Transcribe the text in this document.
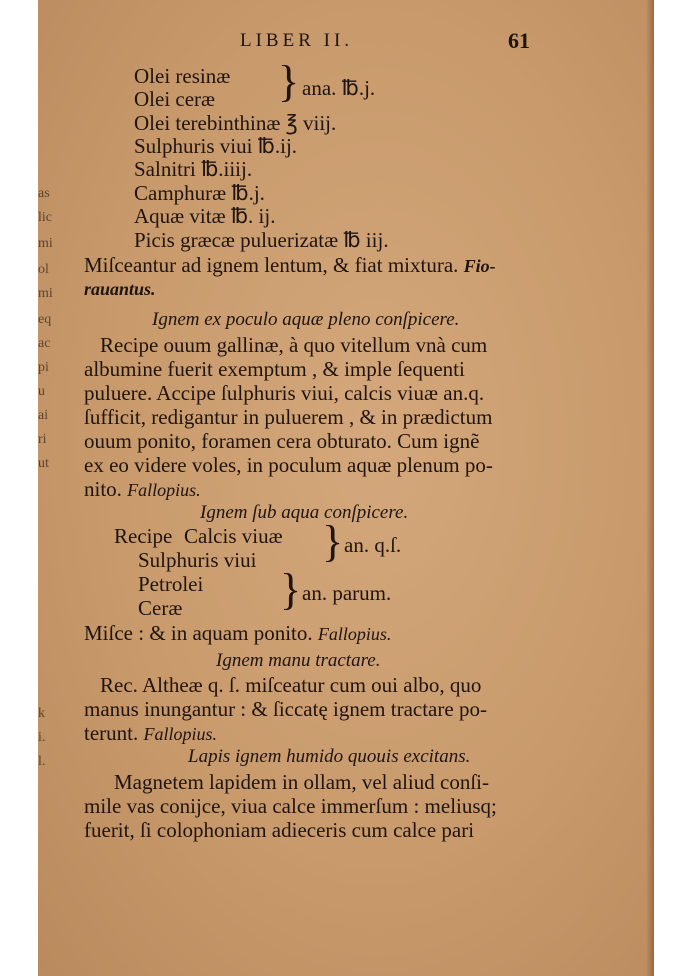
LIBER II.	61
Olei resinæ
Olei ceræ } ana. ℔.j.
Olei terebinthinæ ℥ viij.
Sulphuris viui ℔.ij.
Salnitri ℔.iiij.
Camphuræ ℔.j.
Aquæ vitæ ℔. ij.
Picis græcæ puluerizatæ ℔ iij.
Miſceantur ad ignem lentum, & fiat mixtura. Fio-
rauantus.
Ignem ex poculo aquæ pleno conſpicere.
Recipe ouum gallinæ, à quo vitellum vnà cum
albumine fuerit exemptum , & imple ſequenti
puluere. Accipe ſulphuris viui, calcis viuæ an.q.
ſufficit, redigantur in puluerem , & in prædictum
ouum ponito, foramen cera obturato. Cum ignẽ
ex eo videre voles, in poculum aquæ plenum po-
nito. Fallopius.
Ignem ſub aqua conſpicere.
Recipe Calcis viuæ
Sulphuris viui } an. q.ſ.
Petrolei
Ceræ } an. parum.
Miſce : & in aquam ponito. Fallopius.
Ignem manu tractare.
Rec. Altheæ q. ſ. miſceatur cum oui albo, quo
manus inungantur : & ſiccatę ignem tractare po-
terunt. Fallopius.
Lapis ignem humido quouis excitans.
Magnetem lapidem in ollam, vel aliud conſi-
mile vas conijce, viua calce immerſum : meliusq;
fuerit, ſi colophoniam adieceris cum calce pari
as
lic
mi
ol
mi
eq
ac
pi
u
ai
ri
ut
k
i.
l.
